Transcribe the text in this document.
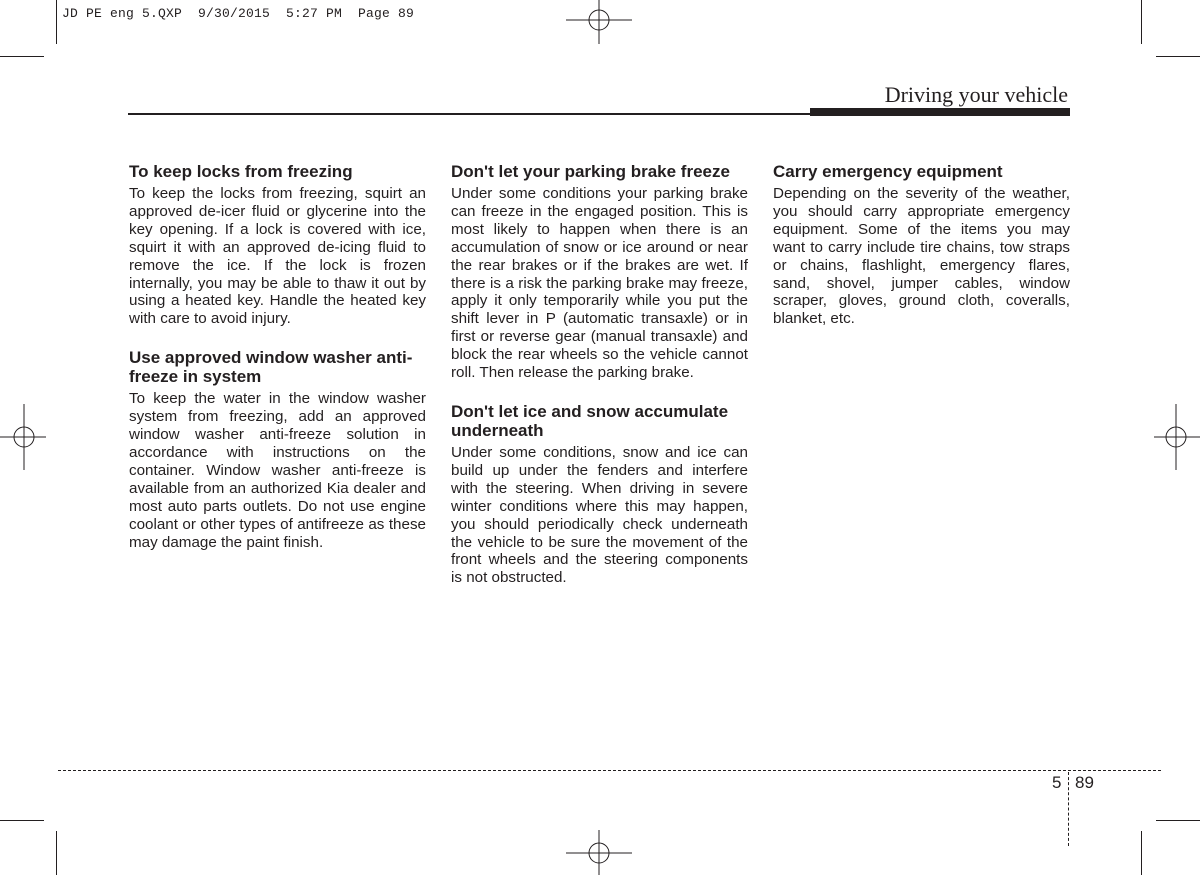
JD PE eng 5.QXP  9/30/2015  5:27 PM  Page 89
Driving your vehicle
To keep locks from freezing

To keep the locks from freezing, squirt an approved de-icer fluid or glycerine into the key opening. If a lock is covered with ice, squirt it with an approved de-icing fluid to remove the ice. If the lock is frozen internally, you may be able to thaw it out by using a heated key. Handle the heated key with care to avoid injury.

Use approved window washer anti-freeze in system

To keep the water in the window washer system from freezing, add an approved window washer anti-freeze solution in accordance with instructions on the container. Window washer anti-freeze is available from an authorized Kia dealer and most auto parts outlets. Do not use engine coolant or other types of antifreeze as these may damage the paint finish.

Don't let your parking brake freeze

Under some conditions your parking brake can freeze in the engaged position. This is most likely to happen when there is an accumulation of snow or ice around or near the rear brakes or if the brakes are wet. If there is a risk the parking brake may freeze, apply it only temporarily while you put the shift lever in P (automatic transaxle) or in first or reverse gear (manual transaxle) and block the rear wheels so the vehicle cannot roll. Then release the parking brake.

Don't let ice and snow accumulate underneath

Under some conditions, snow and ice can build up under the fenders and interfere with the steering. When driving in severe winter conditions where this may happen, you should periodically check underneath the vehicle to be sure the movement of the front wheels and the steering components is not obstructed.

Carry emergency equipment

Depending on the severity of the weather, you should carry appropriate emergency equipment. Some of the items you may want to carry include tire chains, tow straps or chains, flashlight, emergency flares, sand, shovel, jumper cables, window scraper, gloves, ground cloth, coveralls, blanket, etc.

5 89
